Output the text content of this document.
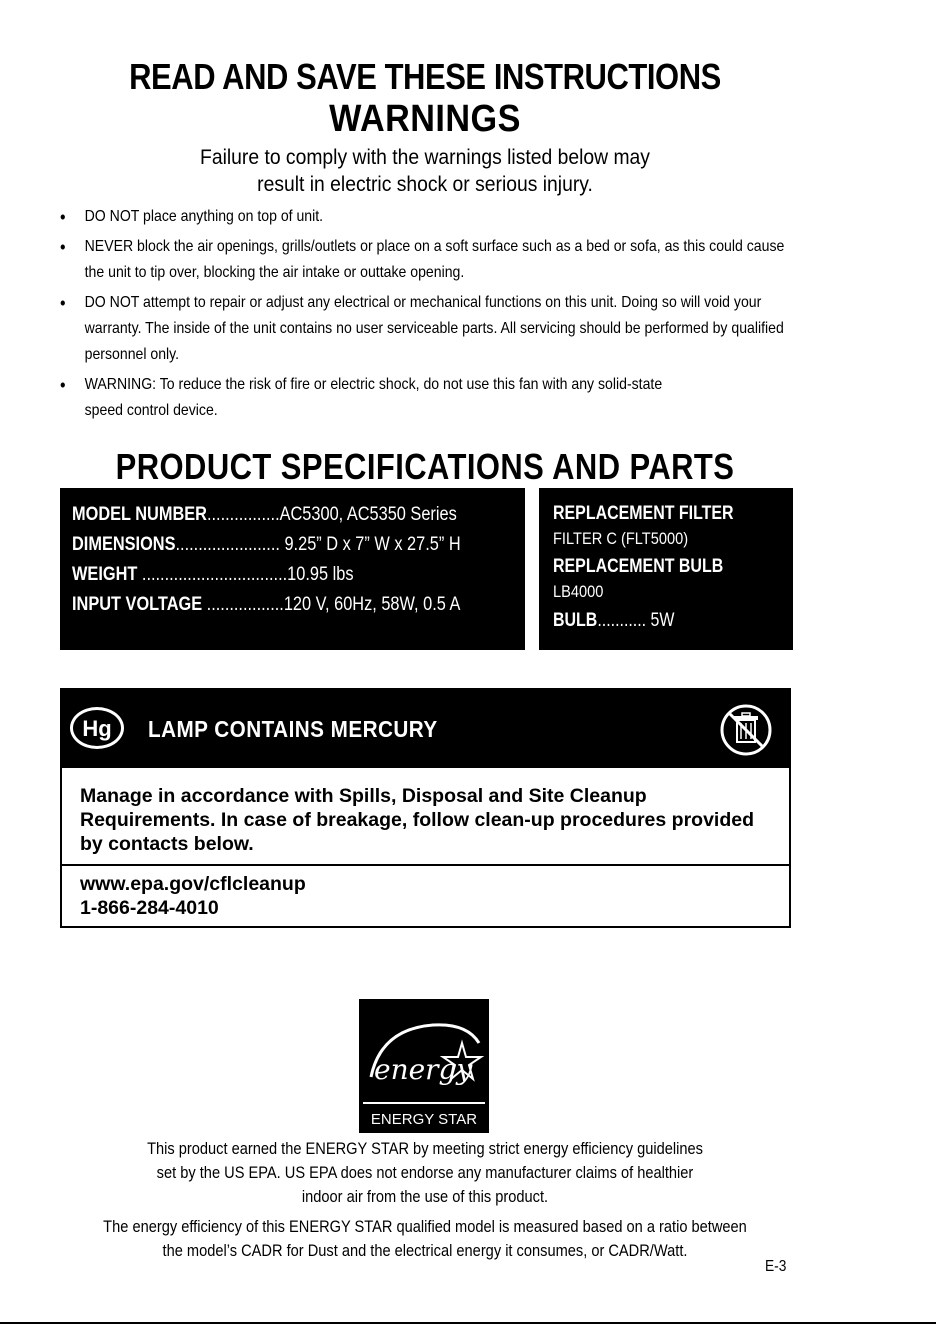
READ AND SAVE THESE INSTRUCTIONS
WARNINGS
Failure to comply with the warnings listed below may
result in electric shock or serious injury.
• DO NOT place anything on top of unit.
• NEVER block the air openings, grills/outlets or place on a soft surface such as a bed or sofa, as this could cause the unit to tip over, blocking the air intake or outtake opening.
• DO NOT attempt to repair or adjust any electrical or mechanical functions on this unit. Doing so will void your warranty. The inside of the unit contains no user serviceable parts. All servicing should be performed by qualified personnel only.
• WARNING: To reduce the risk of fire or electric shock, do not use this fan with any solid-state speed control device.
PRODUCT SPECIFICATIONS AND PARTS
MODEL NUMBER................AC5300, AC5350 Series
DIMENSIONS....................... 9.25” D x 7” W x 27.5” H
WEIGHT ................................10.95 lbs
INPUT VOLTAGE .................120 V, 60Hz, 58W, 0.5 A
REPLACEMENT FILTER
FILTER C (FLT5000)
REPLACEMENT BULB
LB4000
BULB........... 5W
Hg	LAMP CONTAINS MERCURY
Manage in accordance with Spills, Disposal and Site Cleanup Requirements. In case of breakage, follow clean-up procedures provided by contacts below.
www.epa.gov/cflcleanup
1-866-284-4010
energy
ENERGY STAR
This product earned the ENERGY STAR by meeting strict energy efficiency guidelines
set by the US EPA. US EPA does not endorse any manufacturer claims of healthier
indoor air from the use of this product.
The energy efficiency of this ENERGY STAR qualified model is measured based on a ratio between
the model’s CADR for Dust and the electrical energy it consumes, or CADR/Watt.
E-3
